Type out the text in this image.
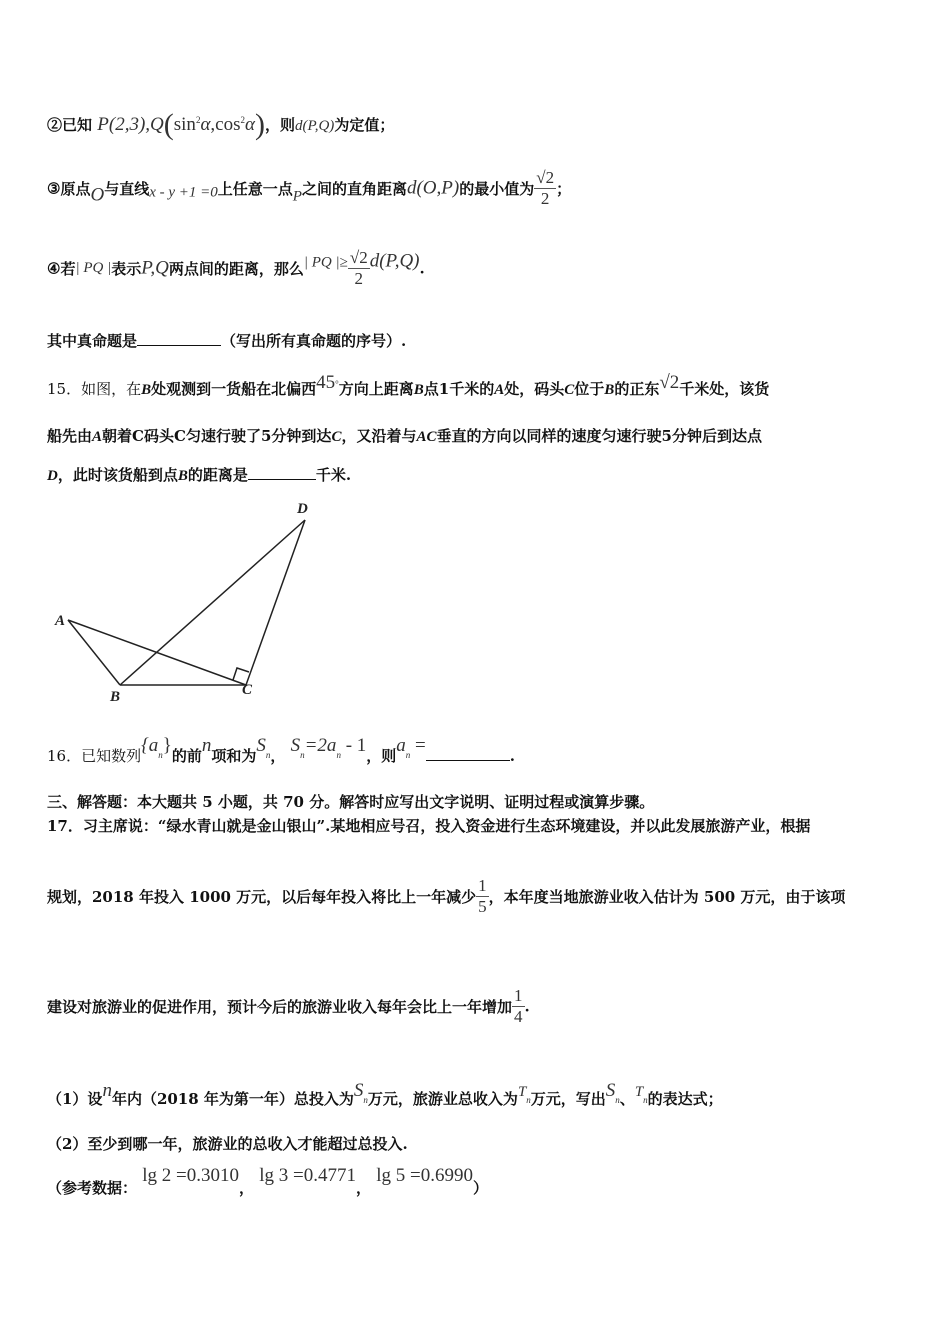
②已知 $P(2,3),Q(\sin^2\alpha,\cos^2\alpha)$，则d(P,Q)为定值；
③原点O与直线x - y +1 =0上任意一点P之间的直角距离d(O,P)的最小值为 $\frac{√2}{2}$ ；
④若| PQ |表示P,Q两点间的距离，那么| PQ |≥ $\frac{√2}{2} d(P,Q)$.
其中真命题是	（写出所有真命题的序号）.
15．如图，在B处观测到一货船在北偏西45°方向上距离B点1千米的A处，码头C位于B的正东√2千米处，该货
船先由A朝着C码头C匀速行驶了5分钟到达C，又沿着与AC垂直的方向以同样的速度匀速行驶5分钟后到达点
D，此时该货船到点B的距离是	千米.
A
B	C
D
16．已知数列$\{a_n\}$的前n项和为$S_n$， $S_n=2a_n - 1$，则$a_n$ =	.
三、解答题：本大题共 5 小题，共 70 分。解答时应写出文字说明、证明过程或演算步骤。
17．习主席说：“绿水青山就是金山银山”.某地相应号召，投入资金进行生态环境建设，并以此发展旅游产业，根据
规划，2018 年投入 1000 万元，以后每年投入将比上一年减少 $\frac{1}{5}$ ，本年度当地旅游业收入估计为 500 万元，由于该项
建设对旅游业的促进作用，预计今后的旅游业收入每年会比上一年增加 $\frac{1}{4}$ .
（1）设n年内（2018 年为第一年）总投入为$S_n$万元，旅游业总收入为$T_n$万元，写出$S_n$、$T_n$的表达式；
（2）至少到哪一年，旅游业的总收入才能超过总投入.
（参考数据： lg 2 =0.3010， lg 3 =0.4771， lg 5 =0.6990）
